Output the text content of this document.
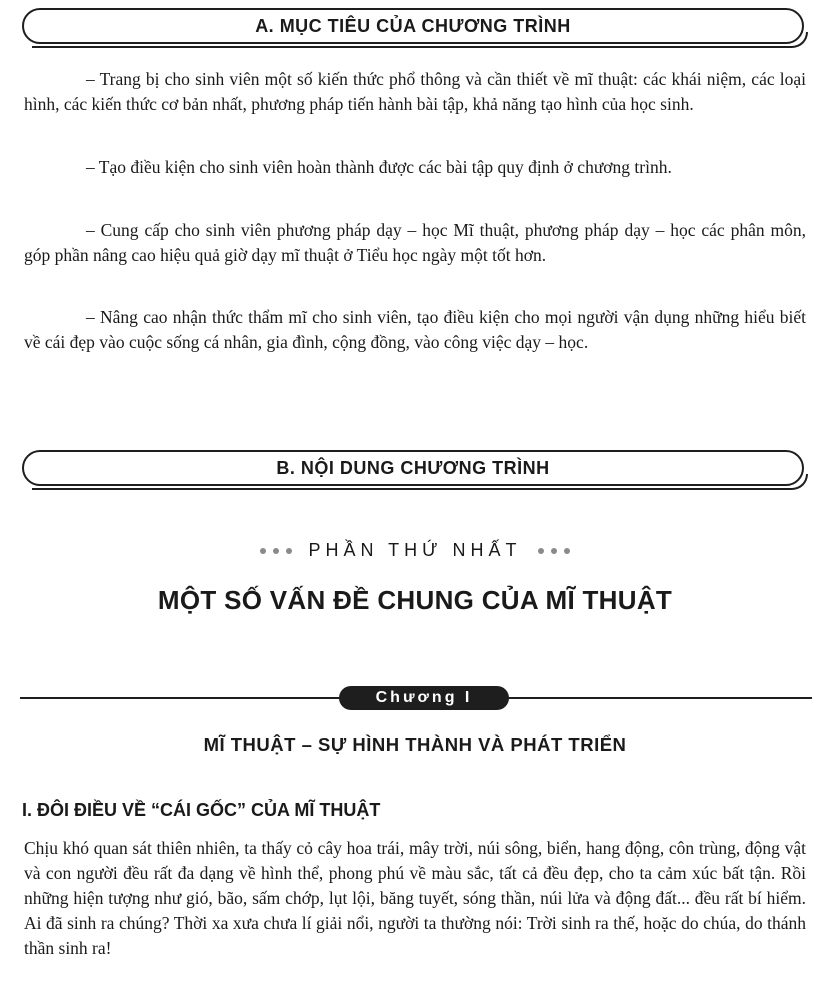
A. MỤC TIÊU CỦA CHƯƠNG TRÌNH

– Trang bị cho sinh viên một số kiến thức phổ thông và cần thiết về mĩ thuật: các khái niệm, các loại hình, các kiến thức cơ bản nhất, phương pháp tiến hành bài tập, khả năng tạo hình của học sinh.

– Tạo điều kiện cho sinh viên hoàn thành được các bài tập quy định ở chương trình.

– Cung cấp cho sinh viên phương pháp dạy – học Mĩ thuật, phương pháp dạy – học các phân môn, góp phần nâng cao hiệu quả giờ dạy mĩ thuật ở Tiểu học ngày một tốt hơn.

– Nâng cao nhận thức thẩm mĩ cho sinh viên, tạo điều kiện cho mọi người vận dụng những hiểu biết về cái đẹp vào cuộc sống cá nhân, gia đình, cộng đồng, vào công việc dạy – học.

B. NỘI DUNG CHƯƠNG TRÌNH
PHẦN THỨ NHẤT
MỘT SỐ VẤN ĐỀ CHUNG CỦA MĨ THUẬT
Chương I
MĨ THUẬT – SỰ HÌNH THÀNH VÀ PHÁT TRIỂN
I. ĐÔI ĐIỀU VỀ “CÁI GỐC” CỦA MĨ THUẬT

Chịu khó quan sát thiên nhiên, ta thấy cỏ cây hoa trái, mây trời, núi sông, biển, hang động, côn trùng, động vật và con người đều rất đa dạng về hình thể, phong phú về màu sắc, tất cả đều đẹp, cho ta cảm xúc bất tận. Rồi những hiện tượng như gió, bão, sấm chớp, lụt lội, băng tuyết, sóng thần, núi lửa và động đất... đều rất bí hiểm. Ai đã sinh ra chúng? Thời xa xưa chưa lí giải nổi, người ta thường nói: Trời sinh ra thế, hoặc do chúa, do thánh thần sinh ra!
